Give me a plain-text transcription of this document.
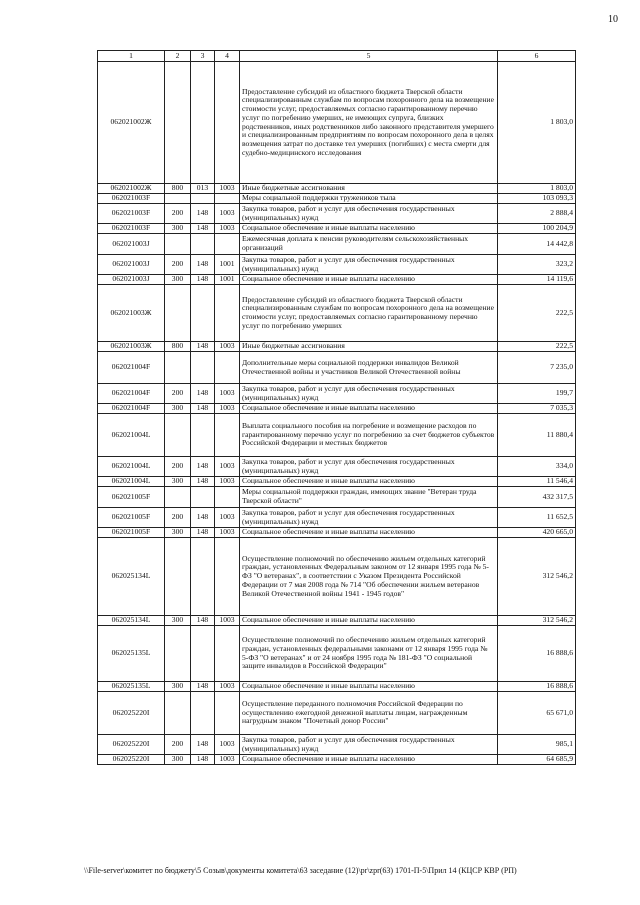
10
1	2	3	4	5	6
062021002Ж				Предоставление субсидий из областного бюджета Тверской области специализированным службам по вопросам похоронного дела на возмещение стоимости услуг, предоставляемых согласно гарантированному перечню услуг по погребению умерших, не имеющих супруга, близких родственников, иных родственников либо законного представителя умершего и специализированным предприятиям по вопросам похоронного дела в целях возмещения затрат по доставке тел умерших (погибших) с места смерти для судебно-медицинского исследования	1 803,0
062021002Ж	800	013	1003	Иные бюджетные ассигнования	1 803,0
062021003F				Меры социальной поддержки тружеников тыла	103 093,3
062021003F	200	148	1003	Закупка товаров, работ и услуг для обеспечения государственных (муниципальных) нужд	2 888,4
062021003F	300	148	1003	Социальное обеспечение и иные выплаты населению	100 204,9
062021003J				Ежемесячная доплата к пенсии руководителям сельскохозяйственных организаций	14 442,8
062021003J	200	148	1001	Закупка товаров, работ и услуг для обеспечения государственных (муниципальных) нужд	323,2
062021003J	300	148	1001	Социальное обеспечение и иные выплаты населению	14 119,6
062021003Ж				Предоставление субсидий из областного бюджета Тверской области специализированным службам по вопросам похоронного дела на возмещение стоимости услуг, предоставляемых согласно гарантированному перечню услуг по погребению умерших	222,5
062021003Ж	800	148	1003	Иные бюджетные ассигнования	222,5
062021004F				Дополнительные меры социальной поддержки инвалидов Великой Отечественной войны и участников Великой Отечественной войны	7 235,0
062021004F	200	148	1003	Закупка товаров, работ и услуг для обеспечения государственных (муниципальных) нужд	199,7
062021004F	300	148	1003	Социальное обеспечение и иные выплаты населению	7 035,3
062021004L				Выплата социального пособия на погребение и возмещение расходов по гарантированному перечню услуг по погребению за счет бюджетов субъектов Российской Федерации и местных бюджетов	11 880,4
062021004L	200	148	1003	Закупка товаров, работ и услуг для обеспечения государственных (муниципальных) нужд	334,0
062021004L	300	148	1003	Социальное обеспечение и иные выплаты населению	11 546,4
062021005F				Меры социальной поддержки граждан, имеющих звание "Ветеран труда Тверской области"	432 317,5
062021005F	200	148	1003	Закупка товаров, работ и услуг для обеспечения государственных (муниципальных) нужд	11 652,5
062021005F	300	148	1003	Социальное обеспечение и иные выплаты населению	420 665,0
062025134L				Осуществление полномочий по обеспечению жильем отдельных категорий граждан, установленных Федеральным законом от 12 января 1995 года № 5-ФЗ "О ветеранах", в соответствии с Указом Президента Российской Федерации от 7 мая 2008 года № 714 "Об обеспечении жильем ветеранов Великой Отечественной войны 1941 - 1945 годов"	312 546,2
062025134L	300	148	1003	Социальное обеспечение и иные выплаты населению	312 546,2
062025135L				Осуществление полномочий по обеспечению жильем отдельных категорий граждан, установленных федеральными законами от 12 января 1995 года № 5-ФЗ "О ветеранах" и от 24 ноября 1995 года № 181-ФЗ "О социальной защите инвалидов в Российской Федерации"	16 888,6
062025135L	300	148	1003	Социальное обеспечение и иные выплаты населению	16 888,6
062025220I				Осуществление переданного полномочия Российской Федерации по осуществлению ежегодной денежной выплаты лицам, награжденным нагрудным знаком "Почетный донор России"	65 671,0
062025220I	200	148	1003	Закупка товаров, работ и услуг для обеспечения государственных (муниципальных) нужд	985,1
062025220I	300	148	1003	Социальное обеспечение и иные выплаты населению	64 685,9
\\File-server\комитет по бюджету\5 Созыв\документы комитета\63 заседание (12)\pr\zpr(63) 1701-П-5\Прил 14 (КЦСР КВР (РП)
